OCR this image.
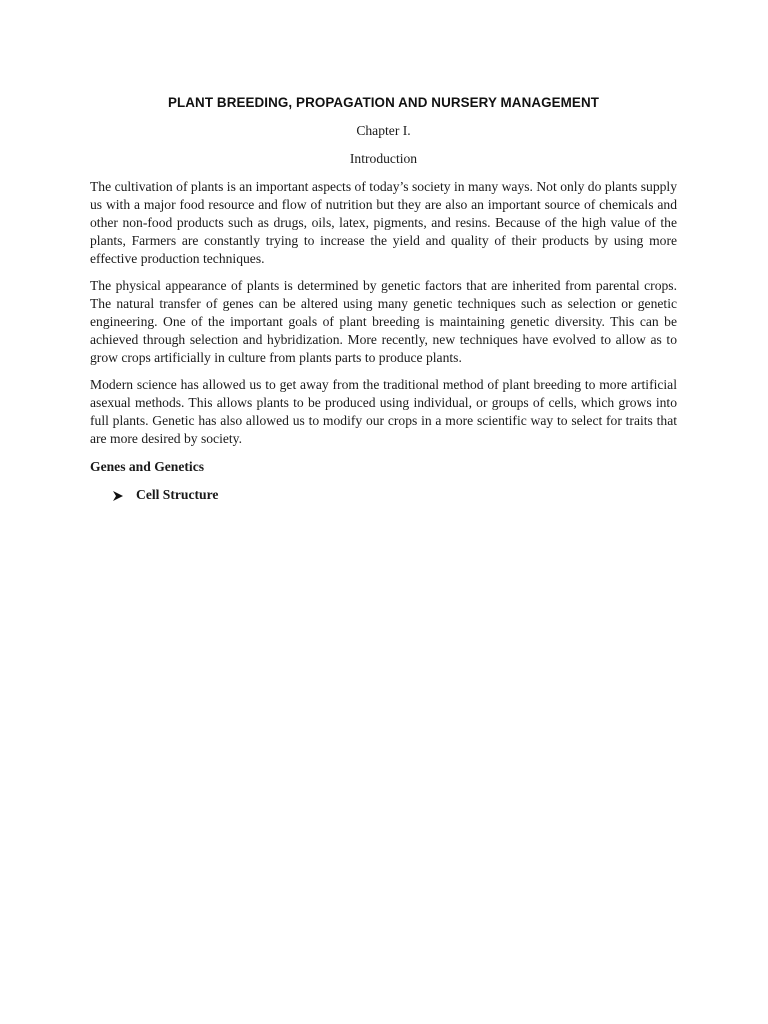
PLANT BREEDING, PROPAGATION AND NURSERY MANAGEMENT

Chapter I.

Introduction

The cultivation of plants is an important aspects of today’s society in many ways. Not only do plants supply us with a major food resource and flow of nutrition but they are also an important source of chemicals and other non-food products such as drugs, oils, latex, pigments, and resins. Because of the high value of the plants, Farmers are constantly trying to increase the yield and quality of their products by using more effective production techniques.

The physical appearance of plants is determined by genetic factors that are inherited from parental crops. The natural transfer of genes can be altered using many genetic techniques such as selection or genetic engineering. One of the important goals of plant breeding is maintaining genetic diversity. This can be achieved through selection and hybridization. More recently, new techniques have evolved to allow as to grow crops artificially in culture from plants parts to produce plants.

Modern science has allowed us to get away from the traditional method of plant breeding to more artificial asexual methods. This allows plants to be produced using individual, or groups of cells, which grows into full plants. Genetic has also allowed us to modify our crops in a more scientific way to select for traits that are more desired by society.

Genes and Genetics

Cell Structure
